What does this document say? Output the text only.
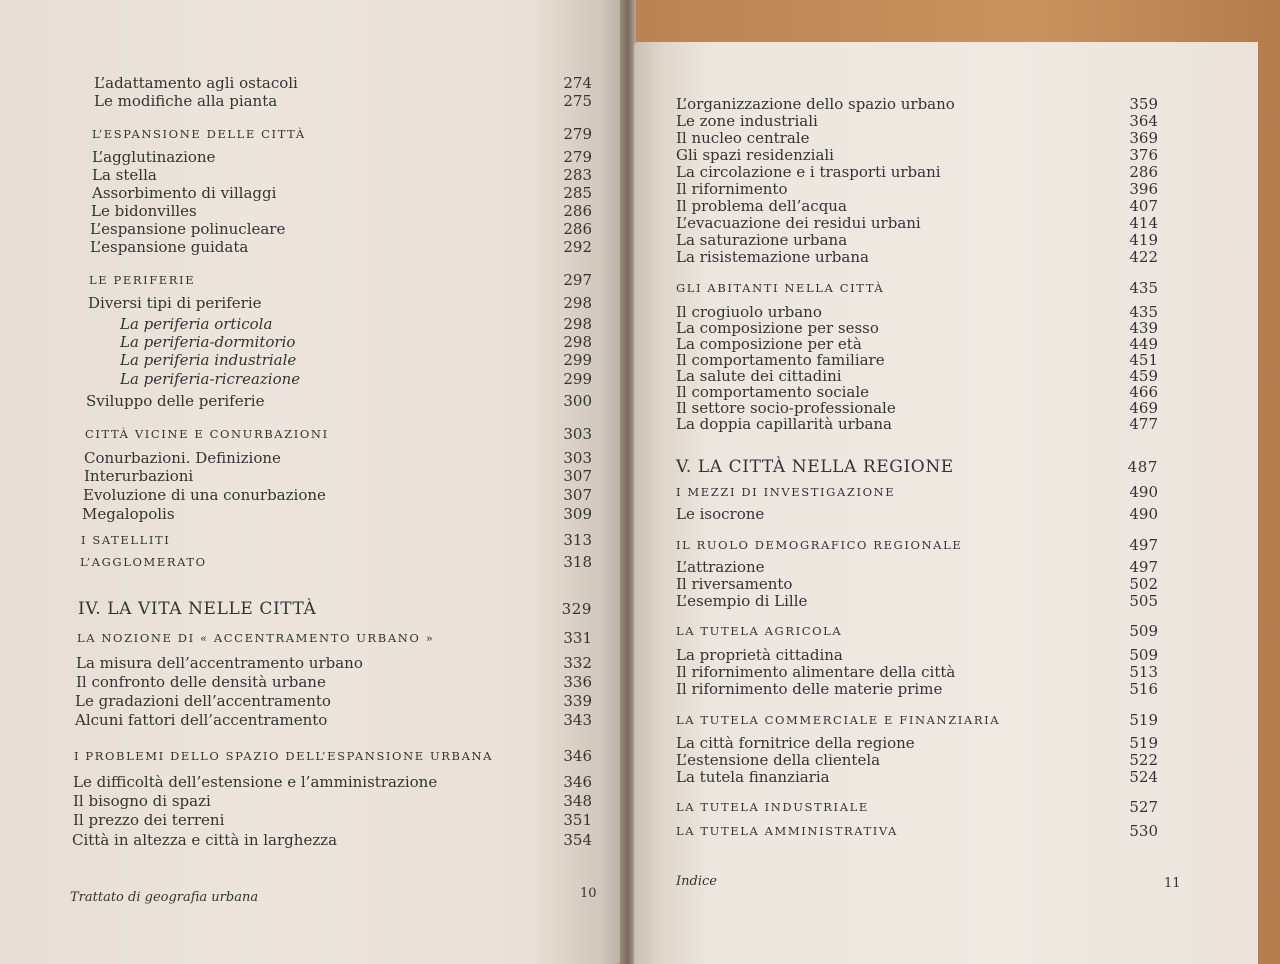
L’adattamento agli ostacoli	274
Le modifiche alla pianta	275
L’ESPANSIONE DELLE CITTÀ	279
L’agglutinazione	279
La stella	283
Assorbimento di villaggi	285
Le bidonvilles	286
L’espansione polinucleare	286
L’espansione guidata	292
LE PERIFERIE	297
Diversi tipi di periferie	298
La periferia orticola	298
La periferia-dormitorio	298
La periferia industriale	299
La periferia-ricreazione	299
Sviluppo delle periferie	300
CITTÀ VICINE E CONURBAZIONI	303
Conurbazioni. Definizione	303
Interurbazioni	307
Evoluzione di una conurbazione	307
Megalopolis	309
I SATELLITI	313
L’AGGLOMERATO	318
IV. LA VITA NELLE CITTÀ	329
LA NOZIONE DI « ACCENTRAMENTO URBANO »	331
La misura dell’accentramento urbano	332
Il confronto delle densità urbane	336
Le gradazioni dell’accentramento	339
Alcuni fattori dell’accentramento	343
I PROBLEMI DELLO SPAZIO DELL’ESPANSIONE URBANA	346
Le difficoltà dell’estensione e l’amministrazione	346
Il bisogno di spazi	348
Il prezzo dei terreni	351
Città in altezza e città in larghezza	354
Trattato di geografia urbana	10
L’organizzazione dello spazio urbano	359
Le zone industriali	364
Il nucleo centrale	369
Gli spazi residenziali	376
La circolazione e i trasporti urbani	286
Il rifornimento	396
Il problema dell’acqua	407
L’evacuazione dei residui urbani	414
La saturazione urbana	419
La risistemazione urbana	422
GLI ABITANTI NELLA CITTÀ	435
Il crogiuolo urbano	435
La composizione per sesso	439
La composizione per età	449
Il comportamento familiare	451
La salute dei cittadini	459
Il comportamento sociale	466
Il settore socio-professionale	469
La doppia capillarità urbana	477
V. LA CITTÀ NELLA REGIONE	487
I MEZZI DI INVESTIGAZIONE	490
Le isocrone	490
IL RUOLO DEMOGRAFICO REGIONALE	497
L’attrazione	497
Il riversamento	502
L’esempio di Lille	505
LA TUTELA AGRICOLA	509
La proprietà cittadina	509
Il rifornimento alimentare della città	513
Il rifornimento delle materie prime	516
LA TUTELA COMMERCIALE E FINANZIARIA	519
La città fornitrice della regione	519
L’estensione della clientela	522
La tutela finanziaria	524
LA TUTELA INDUSTRIALE	527
LA TUTELA AMMINISTRATIVA	530
Indice	11
